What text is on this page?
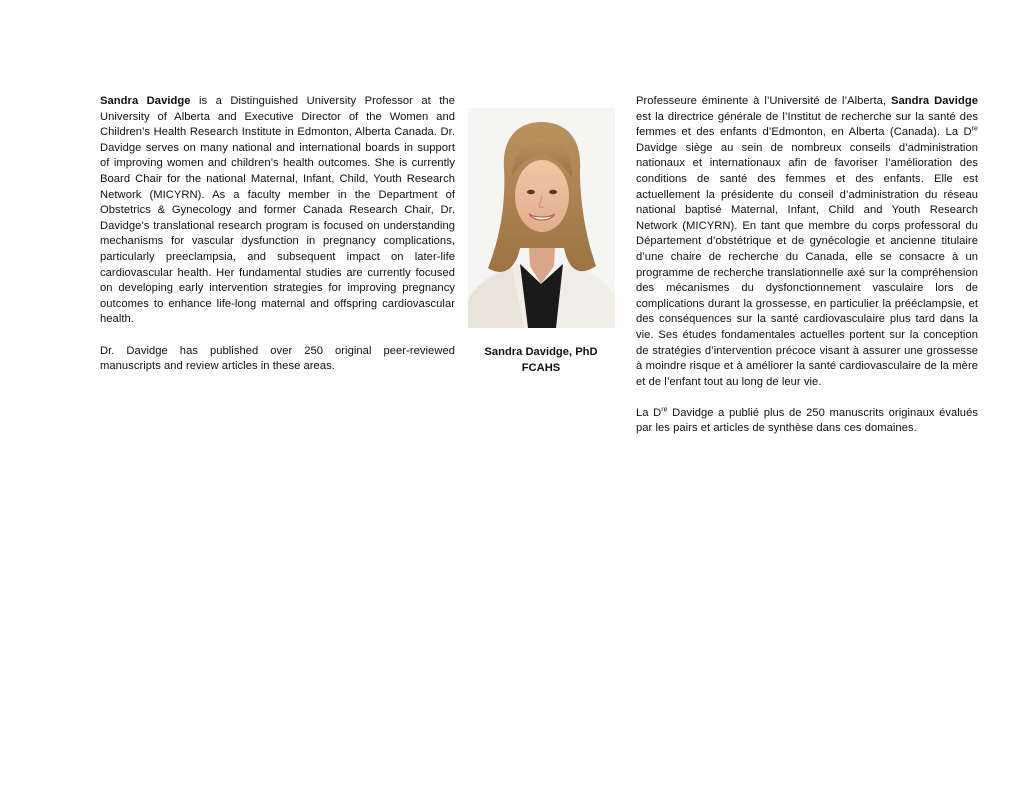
Sandra Davidge is a Distinguished University Professor at the University of Alberta and Executive Director of the Women and Children’s Health Research Institute in Edmonton, Alberta Canada. Dr. Davidge serves on many national and international boards in support of improving women and children’s health outcomes. She is currently Board Chair for the national Maternal, Infant, Child, Youth Research Network (MICYRN). As a faculty member in the Department of Obstetrics & Gynecology and former Canada Research Chair, Dr. Davidge’s translational research program is focused on understanding mechanisms for vascular dysfunction in pregnancy complications, particularly preeclampsia, and subsequent impact on later-life cardiovascular health. Her fundamental studies are currently focused on developing early intervention strategies for improving pregnancy outcomes to enhance life-long maternal and offspring cardiovascular health.

Dr. Davidge has published over 250 original peer-reviewed manuscripts and review articles in these areas.

Sandra Davidge, PhD
FCAHS

Professeure éminente à l’Université de l’Alberta, Sandra Davidge est la directrice générale de l’Institut de recherche sur la santé des femmes et des enfants d’Edmonton, en Alberta (Canada). La Dre Davidge siège au sein de nombreux conseils d’administration nationaux et internationaux afin de favoriser l’amélioration des conditions de santé des femmes et des enfants. Elle est actuellement la présidente du conseil d’administration du réseau national baptisé Maternal, Infant, Child and Youth Research Network (MICYRN). En tant que membre du corps professoral du Département d’obstétrique et de gynécologie et ancienne titulaire d’une chaire de recherche du Canada, elle se consacre à un programme de recherche translationnelle axé sur la compréhension des mécanismes du dysfonctionnement vasculaire lors de complications durant la grossesse, en particulier la prééclampsie, et des conséquences sur la santé cardiovasculaire plus tard dans la vie. Ses études fondamentales actuelles portent sur la conception de stratégies d’intervention précoce visant à assurer une grossesse à moindre risque et à améliorer la santé cardiovasculaire de la mère et de l’enfant tout au long de leur vie.

La Dre Davidge a publié plus de 250 manuscrits originaux évalués par les pairs et articles de synthèse dans ces domaines.
